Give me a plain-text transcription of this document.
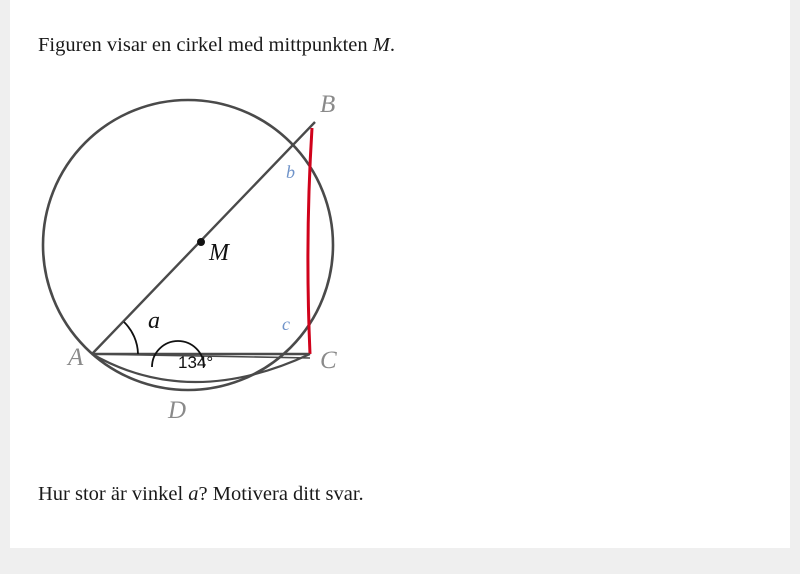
Figuren visar en cirkel med mittpunkten M.
M
A
B
C
D
a
b
c
134°
Hur stor är vinkel a? Motivera ditt svar.
